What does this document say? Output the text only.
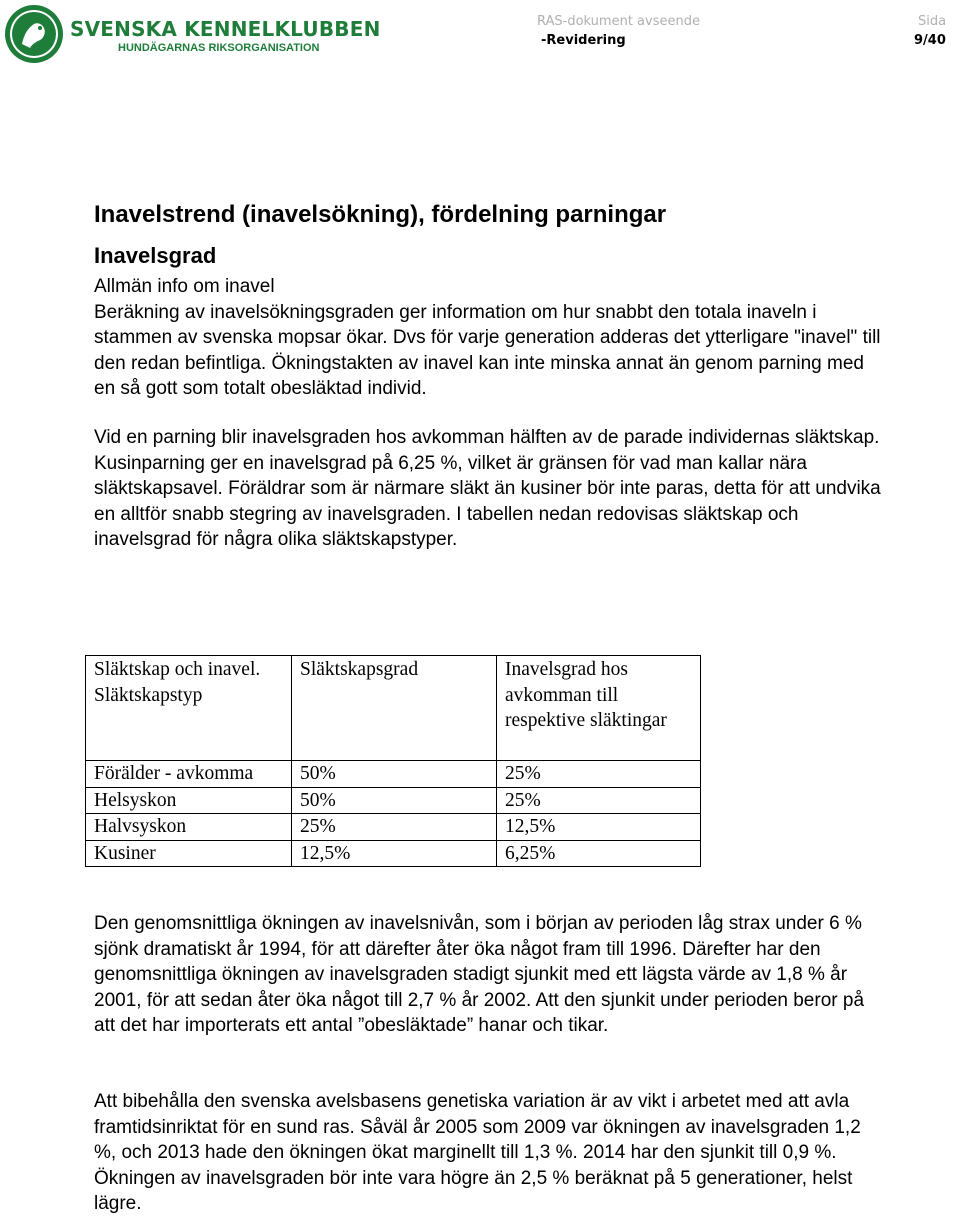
SVENSKA KENNELKLUBBEN
HUNDÄGARNAS RIKSORGANISATION
RAS-dokument avseende
-Revidering
Sida
9/40
Inavelstrend (inavelsökning), fördelning parningar
Inavelsgrad

Allmän info om inavel
Beräkning av inavelsökningsgraden ger information om hur snabbt den totala inaveln i stammen av svenska mopsar ökar. Dvs för varje generation adderas det ytterligare "inavel" till den redan befintliga. Ökningstakten av inavel kan inte minska annat än genom parning med en så gott som totalt obesläktad individ.

Vid en parning blir inavelsgraden hos avkomman hälften av de parade individernas släktskap. Kusinparning ger en inavelsgrad på 6,25 %, vilket är gränsen för vad man kallar nära släktskapsavel. Föräldrar som är närmare släkt än kusiner bör inte paras, detta för att undvika en alltför snabb stegring av inavelsgraden. I tabellen nedan redovisas släktskap och inavelsgrad för några olika släktskapstyper.

Släktskap och inavel. Släktskapstyp	Släktskapsgrad	Inavelsgrad hos avkomman till respektive släktingar
Förälder - avkomma	50%	25%
Helsyskon	50%	25%
Halvsyskon	25%	12,5%
Kusiner	12,5%	6,25%

Den genomsnittliga ökningen av inavelsnivån, som i början av perioden låg strax under 6 % sjönk dramatiskt år 1994, för att därefter åter öka något fram till 1996. Därefter har den genomsnittliga ökningen av inavelsgraden stadigt sjunkit med ett lägsta värde av 1,8 % år 2001, för att sedan åter öka något till 2,7 % år 2002. Att den sjunkit under perioden beror på att det har importerats ett antal ”obesläktade” hanar och tikar.

Att bibehålla den svenska avelsbasens genetiska variation är av vikt i arbetet med att avla framtidsinriktat för en sund ras. Såväl år 2005 som 2009 var ökningen av inavelsgraden 1,2 %, och 2013 hade den ökningen ökat marginellt till 1,3 %. 2014 har den sjunkit till 0,9 %. Ökningen av inavelsgraden bör inte vara högre än 2,5 % beräknat på 5 generationer, helst lägre.
